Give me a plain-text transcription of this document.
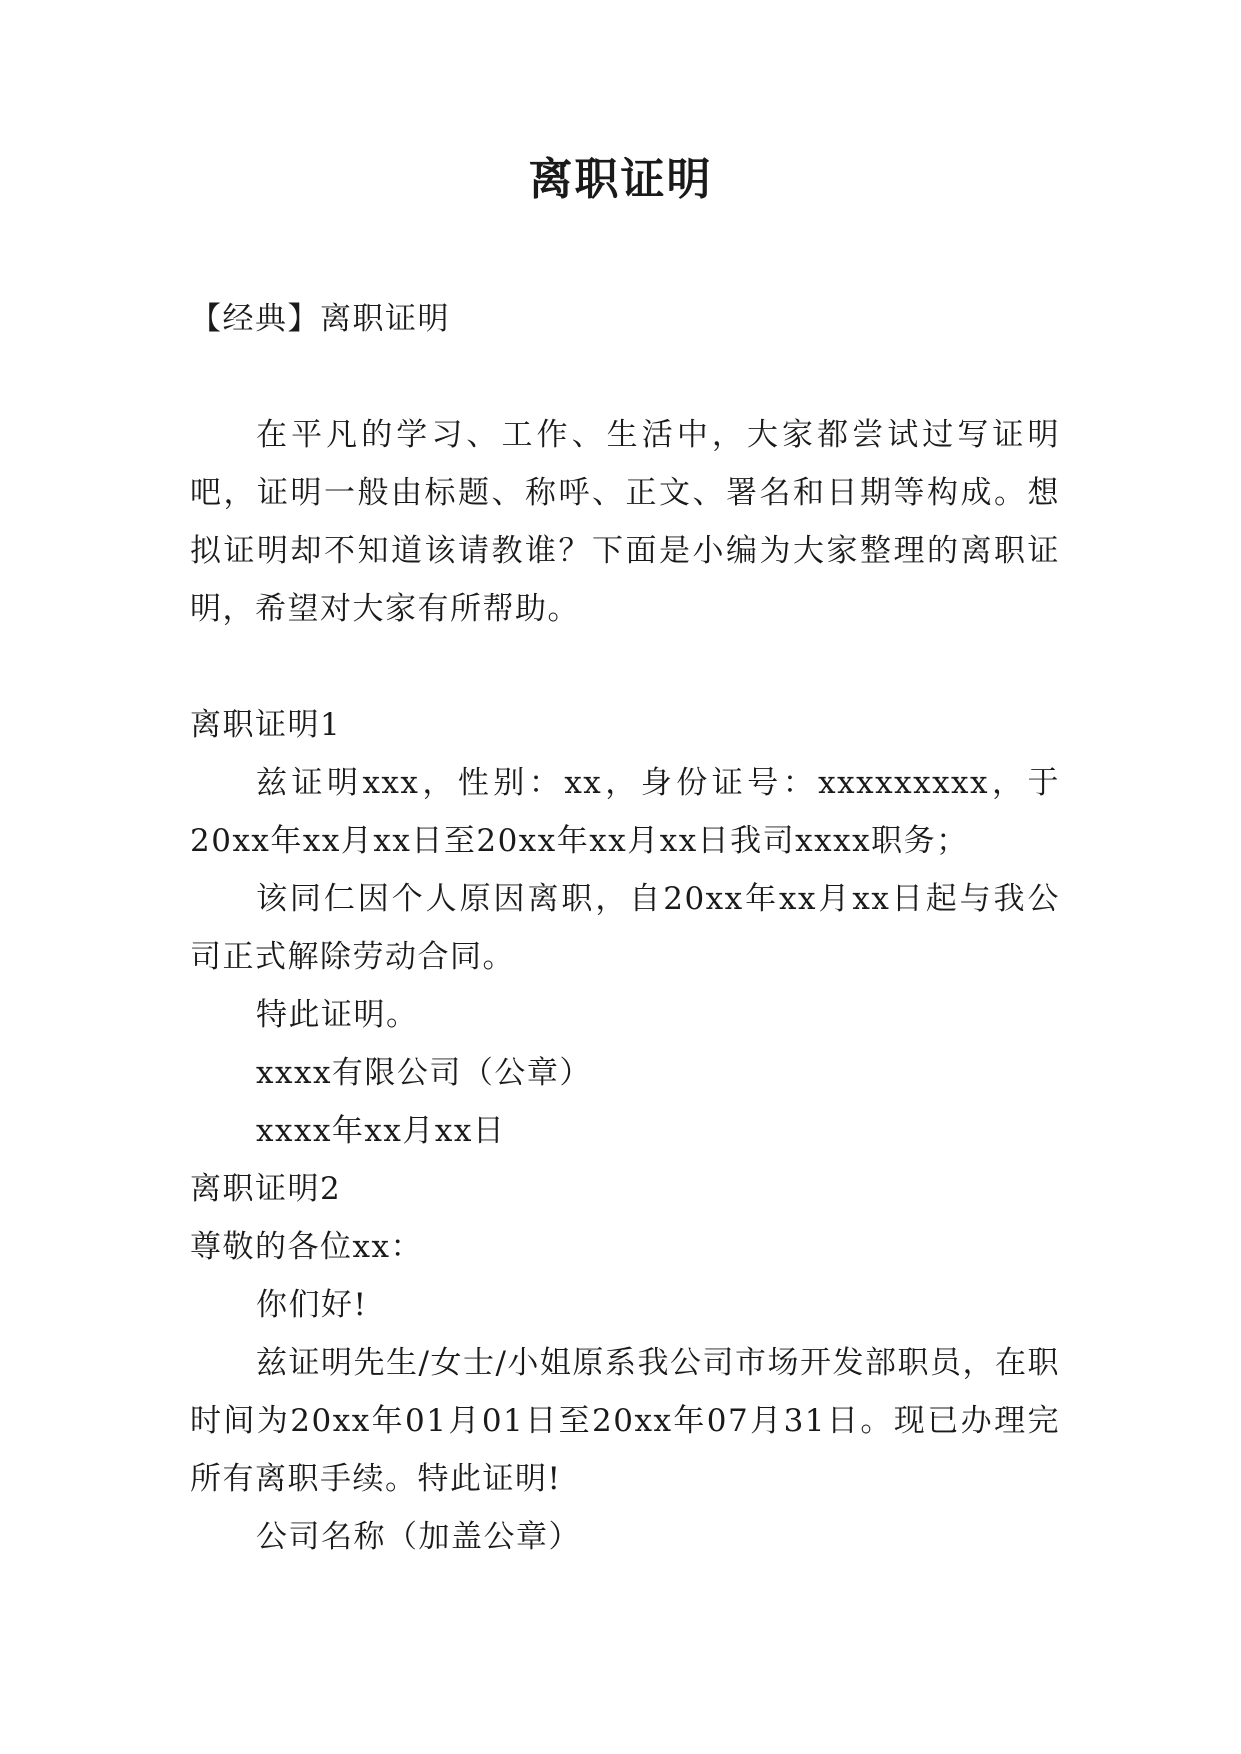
离职证明

【经典】离职证明

在平凡的学习、工作、生活中，大家都尝试过写证明吧，证明一般由标题、称呼、正文、署名和日期等构成。想拟证明却不知道该请教谁？下面是小编为大家整理的离职证明，希望对大家有所帮助。

离职证明1

兹证明xxx，性别：xx，身份证号：xxxxxxxxx，于20xx年xx月xx日至20xx年xx月xx日我司xxxx职务；

该同仁因个人原因离职，自20xx年xx月xx日起与我公司正式解除劳动合同。

特此证明。

xxxx有限公司（公章）

xxxx年xx月xx日

离职证明2

尊敬的各位xx：

你们好!

兹证明先生/女士/小姐原系我公司市场开发部职员，在职时间为20xx年01月01日至20xx年07月31日。现已办理完所有离职手续。特此证明!

公司名称（加盖公章）
